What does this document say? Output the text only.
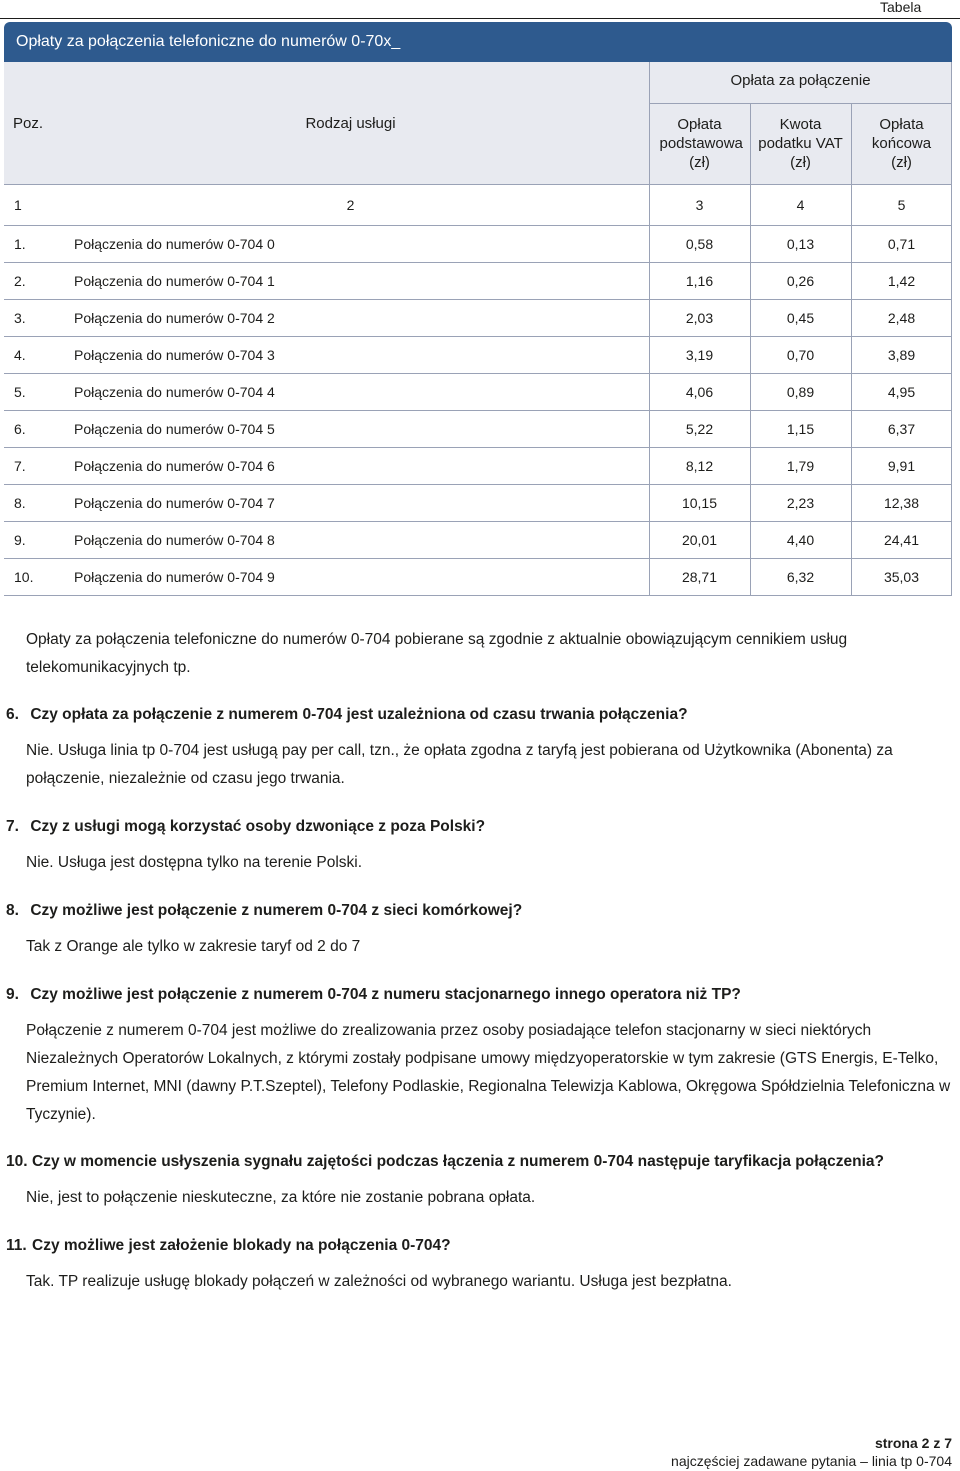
Tabela
Opłaty za połączenia telefoniczne do numerów 0-70x_
Poz.	Rodzaj usługi
Opłata za połączenie
Opłata podstawowa (zł)
Kwota podatku VAT (zł)
Opłata końcowa (zł)
1	2	3	4	5
1.	Połączenia do numerów 0-704 0	0,58	0,13	0,71
2.	Połączenia do numerów 0-704 1	1,16	0,26	1,42
3.	Połączenia do numerów 0-704 2	2,03	0,45	2,48
4.	Połączenia do numerów 0-704 3	3,19	0,70	3,89
5.	Połączenia do numerów 0-704 4	4,06	0,89	4,95
6.	Połączenia do numerów 0-704 5	5,22	1,15	6,37
7.	Połączenia do numerów 0-704 6	8,12	1,79	9,91
8.	Połączenia do numerów 0-704 7	10,15	2,23	12,38
9.	Połączenia do numerów 0-704 8	20,01	4,40	24,41
10.	Połączenia do numerów 0-704 9	28,71	6,32	35,03
Opłaty za połączenia telefoniczne do numerów 0-704 pobierane są zgodnie z aktualnie obowiązującym cennikiem usług telekomunikacyjnych tp.
6. Czy opłata za połączenie z numerem 0-704 jest uzależniona od czasu trwania połączenia?
Nie. Usługa linia tp 0-704 jest usługą pay per call, tzn., że opłata zgodna z taryfą jest pobierana od Użytkownika (Abonenta) za połączenie, niezależnie od czasu jego trwania.
7. Czy z usługi mogą korzystać osoby dzwoniące z poza Polski?
Nie. Usługa jest dostępna tylko na terenie Polski.
8. Czy możliwe jest połączenie z numerem 0-704 z sieci komórkowej?
Tak z Orange ale tylko w zakresie taryf od 2 do 7
9. Czy możliwe jest połączenie z numerem 0-704 z numeru stacjonarnego innego operatora niż TP?
Połączenie z numerem 0-704 jest możliwe do zrealizowania przez osoby posiadające telefon stacjonarny w sieci niektórych Niezależnych Operatorów Lokalnych, z którymi zostały podpisane umowy międzyoperatorskie w tym zakresie (GTS Energis, E-Telko, Premium Internet, MNI (dawny P.T.Szeptel), Telefony Podlaskie, Regionalna Telewizja Kablowa, Okręgowa Spółdzielnia Telefoniczna w Tyczynie).
10. Czy w momencie usłyszenia sygnału zajętości podczas łączenia z numerem 0-704 następuje taryfikacja połączenia?
Nie, jest to połączenie nieskuteczne, za które nie zostanie pobrana opłata.
11. Czy możliwe jest założenie blokady na połączenia 0-704?
Tak. TP realizuje usługę blokady połączeń w zależności od wybranego wariantu. Usługa jest bezpłatna.
strona 2 z 7
najczęściej zadawane pytania – linia tp 0-704
